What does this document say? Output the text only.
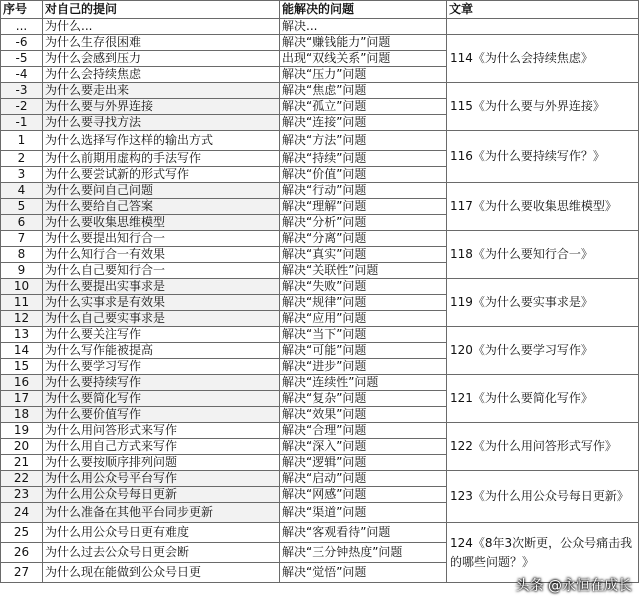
序号	对自己的提问	能解决的问题	文章
...	为什么...	解决...	
-6	为什么生存很困难	解决“赚钱能力”问题	114《为什么会持续焦虑》
-5	为什么会感到压力	出现“双线关系”问题	
-4	为什么会持续焦虑	解决“压力”问题	
-3	为什么要走出来	解决“焦虑”问题	115《为什么要与外界连接》
-2	为什么要与外界连接	解决“孤立”问题	
-1	为什么要寻找方法	解决“连接”问题	
1	为什么选择写作这样的输出方式	解决“方法”问题	116《为什么要持续写作？》
2	为什么前期用虚构的手法写作	解决“持续”问题	
3	为什么要尝试新的形式写作	解决“价值”问题	
4	为什么要问自己问题	解决“行动”问题	117《为什么要收集思维模型》
5	为什么要给自己答案	解决“理解”问题	
6	为什么要收集思维模型	解决“分析”问题	
7	为什么要提出知行合一	解决“分离”问题	118《为什么要知行合一》
8	为什么知行合一有效果	解决“真实”问题	
9	为什么自己要知行合一	解决“关联性”问题	
10	为什么要提出实事求是	解决“失败”问题	119《为什么要实事求是》
11	为什么实事求是有效果	解决“规律”问题	
12	为什么自己要实事求是	解决“应用”问题	
13	为什么要关注写作	解决“当下”问题	120《为什么要学习写作》
14	为什么写作能被提高	解决“可能”问题	
15	为什么要学习写作	解决“进步”问题	
16	为什么要持续写作	解决“连续性”问题	121《为什么要简化写作》
17	为什么要简化写作	解决“复杂”问题	
18	为什么要价值写作	解决“效果”问题	
19	为什么用问答形式来写作	解决“合理”问题	122《为什么用问答形式写作》
20	为什么用自己方式来写作	解决“深入”问题	
21	为什么要按顺序排列问题	解决“逻辑”问题	
22	为什么用公众号平台写作	解决“启动”问题	123《为什么用公众号每日更新》
23	为什么用公众号每日更新	解决“网感”问题	
24	为什么准备在其他平台同步更新	解决“渠道”问题	
25	为什么用公众号日更有难度	解决“客观看待”问题	124《8年3次断更，公众号痛击我的哪些问题？》
26	为什么过去公众号日更会断	解决“三分钟热度”问题	
27	为什么现在能做到公众号日更	解决“觉悟”问题	
头条 @永恒在成长
